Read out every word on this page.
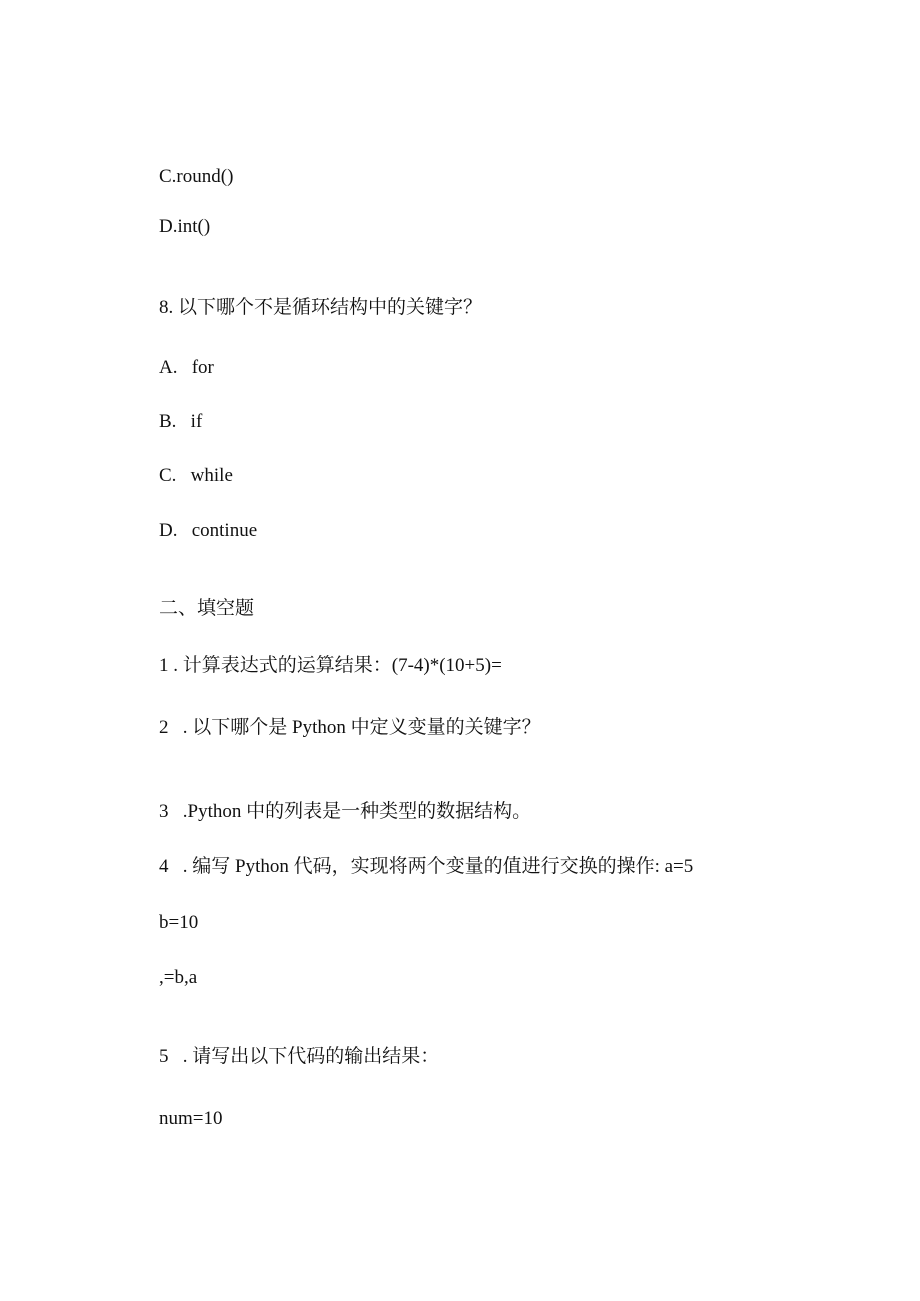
C.round()
D.int()
8. 以下哪个不是循环结构中的关键字？
A.   for
B.   if
C.   while
D.   continue
二、填空题
1 . 计算表达式的运算结果：(7-4)*(10+5)=
2   . 以下哪个是 Python 中定义变量的关键字？
3   .Python 中的列表是一种类型的数据结构。
4   . 编写 Python 代码，实现将两个变量的值进行交换的操作: a=5
b=10
,=b,a
5   . 请写出以下代码的输出结果：
num=10
